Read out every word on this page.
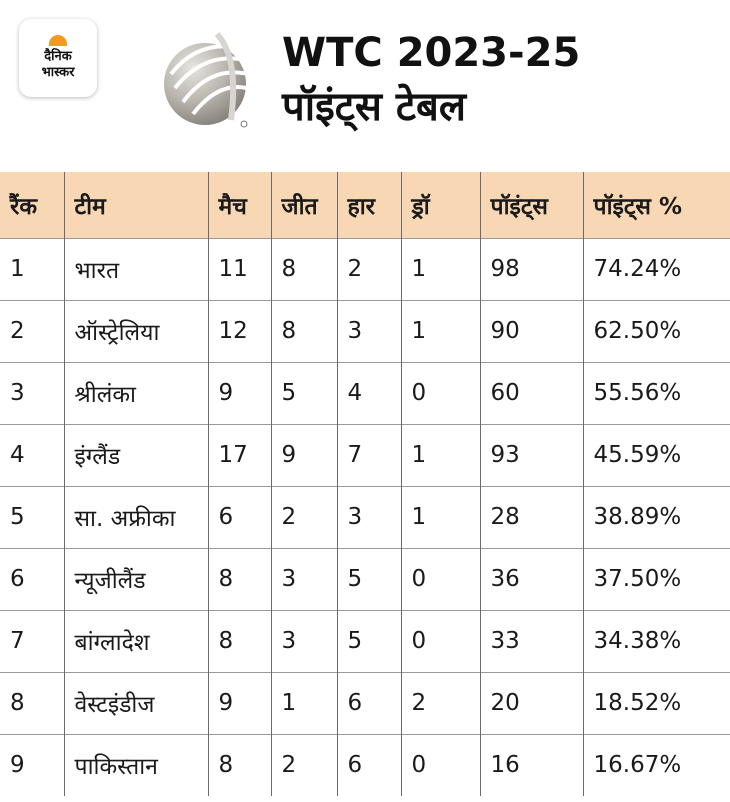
दैनिक
भास्कर	WTC 2023-25
पॉइंट्स टेबल
रैंक	टीम	मैच	जीत	हार	ड्रॉ	पॉइंट्स	पॉइंट्स %
1	भारत	11	8	2	1	98	74.24%
2	ऑस्ट्रेलिया	12	8	3	1	90	62.50%
3	श्रीलंका	9	5	4	0	60	55.56%
4	इंग्लैंड	17	9	7	1	93	45.59%
5	सा. अफ्रीका	6	2	3	1	28	38.89%
6	न्यूजीलैंड	8	3	5	0	36	37.50%
7	बांग्लादेश	8	3	5	0	33	34.38%
8	वेस्टइंडीज	9	1	6	2	20	18.52%
9	पाकिस्तान	8	2	6	0	16	16.67%
